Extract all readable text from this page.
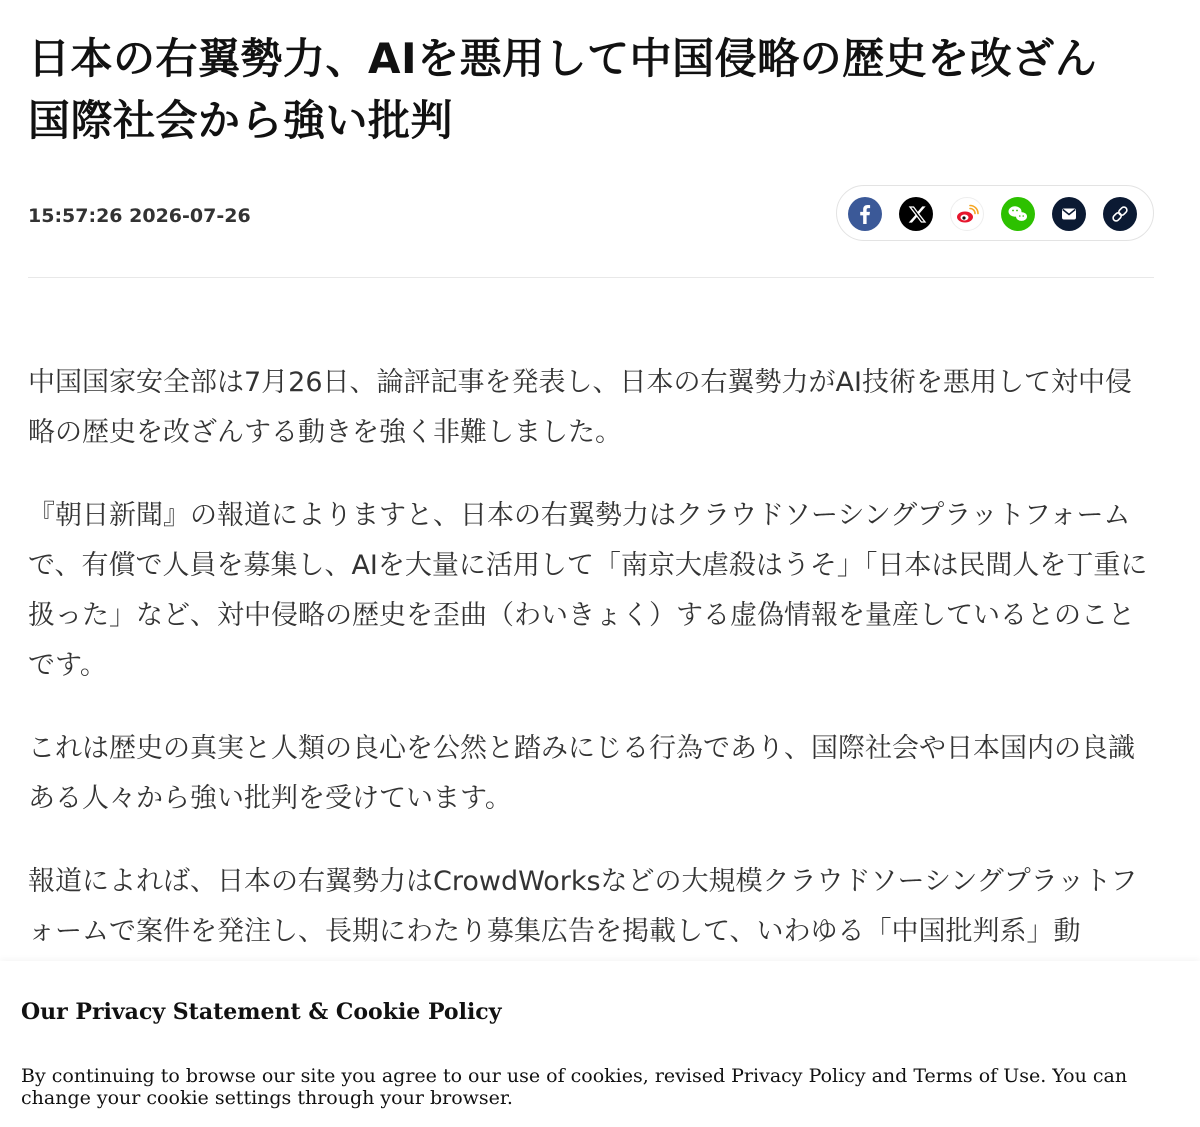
日本の右翼勢力、AIを悪用して中国侵略の歴史を改ざん
国際社会から強い批判
15:57:26 2026-07-26

中国国家安全部は7月26日、論評記事を発表し、日本の右翼勢力がAI技術を悪用して対中侵略の歴史を改ざんする動きを強く非難しました。

『朝日新聞』の報道によりますと、日本の右翼勢力はクラウドソーシングプラットフォームで、有償で人員を募集し、AIを大量に活用して「南京大虐殺はうそ」「日本は民間人を丁重に扱った」など、対中侵略の歴史を歪曲（わいきょく）する虚偽情報を量産しているとのことです。

これは歴史の真実と人類の良心を公然と踏みにじる行為であり、国際社会や日本国内の良識ある人々から強い批判を受けています。

報道によれば、日本の右翼勢力はCrowdWorksなどの大規模クラウドソーシングプラットフォームで案件を発注し、長期にわたり募集広告を掲載して、いわゆる「中国批判系」動

Our Privacy Statement & Cookie Policy
By continuing to browse our site you agree to our use of cookies, revised Privacy Policy and Terms of Use. You can change your cookie settings through your browser.
